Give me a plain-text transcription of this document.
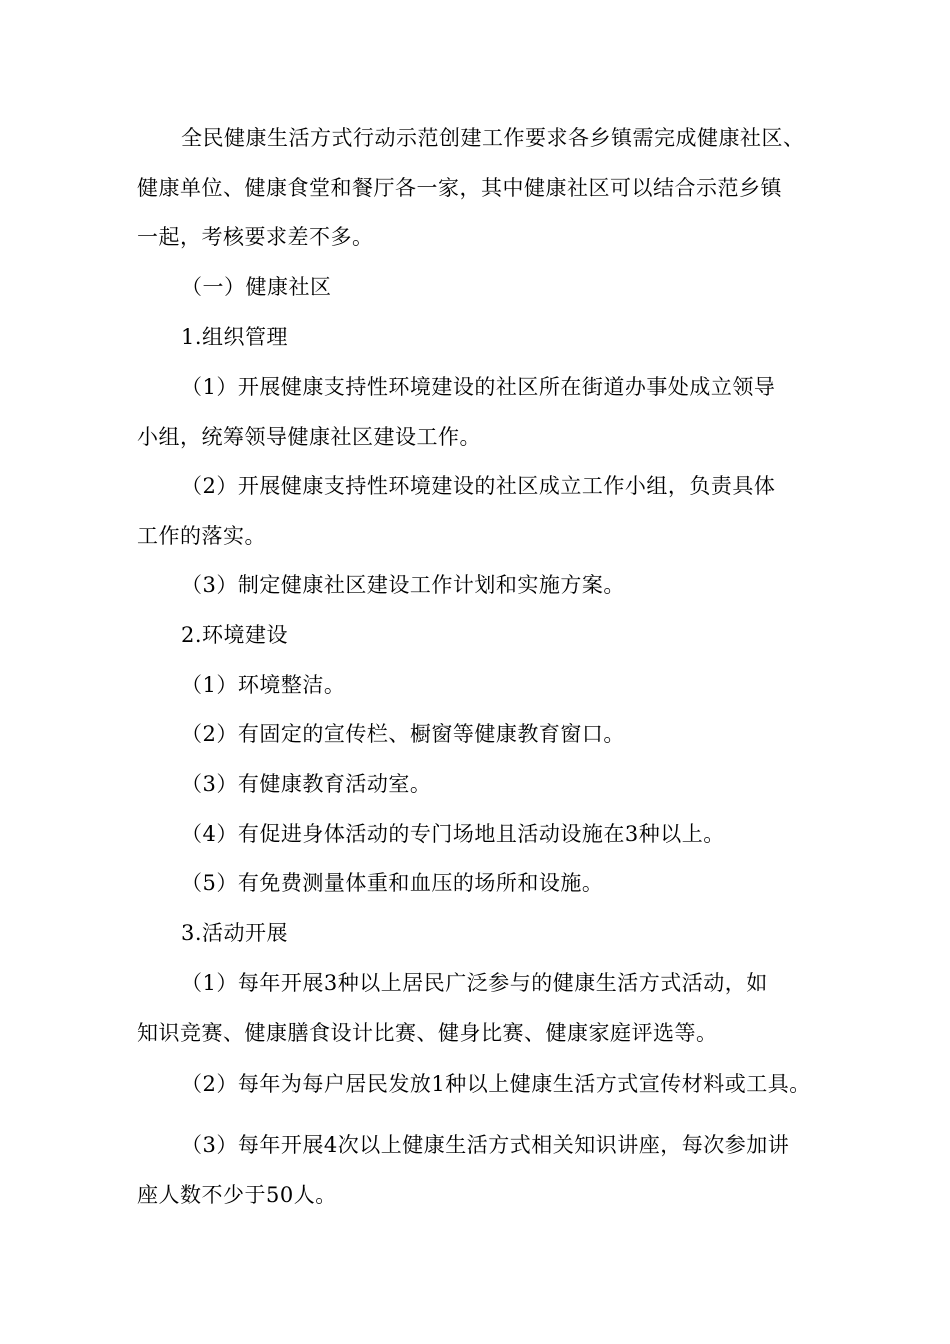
全民健康生活方式行动示范创建工作要求各乡镇需完成健康社区、
健康单位、健康食堂和餐厅各一家，其中健康社区可以结合示范乡镇
一起，考核要求差不多。
（一）健康社区
1.组织管理
（1）开展健康支持性环境建设的社区所在街道办事处成立领导
小组，统筹领导健康社区建设工作。
（2）开展健康支持性环境建设的社区成立工作小组，负责具体
工作的落实。
（3）制定健康社区建设工作计划和实施方案。
2.环境建设
（1）环境整洁。
（2）有固定的宣传栏、橱窗等健康教育窗口。
（3）有健康教育活动室。
（4）有促进身体活动的专门场地且活动设施在3种以上。
（5）有免费测量体重和血压的场所和设施。
3.活动开展
（1）每年开展3种以上居民广泛参与的健康生活方式活动，如
知识竞赛、健康膳食设计比赛、健身比赛、健康家庭评选等。
（2）每年为每户居民发放1种以上健康生活方式宣传材料或工具。
（3）每年开展4次以上健康生活方式相关知识讲座，每次参加讲
座人数不少于50人。
